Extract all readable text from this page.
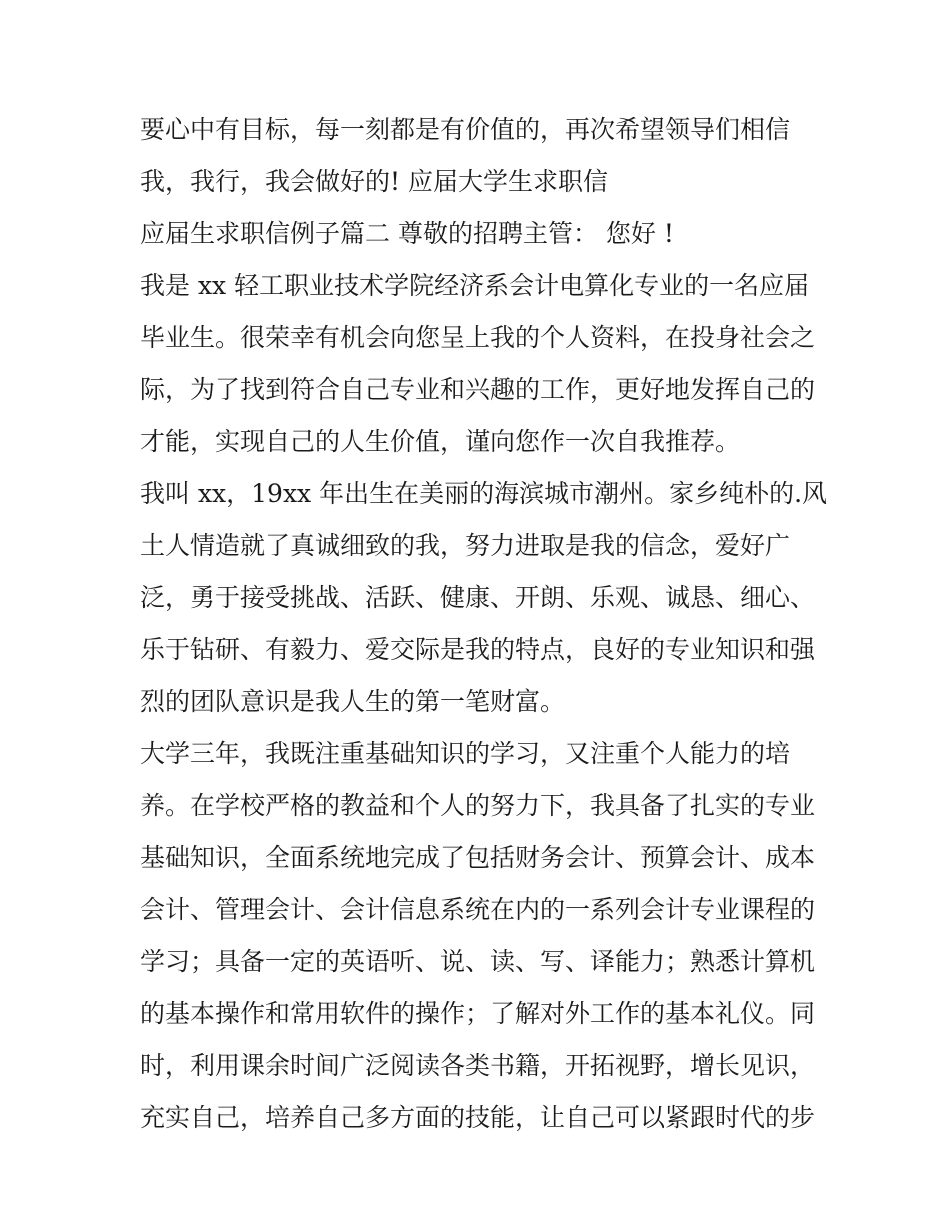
要心中有目标，每一刻都是有价值的，再次希望领导们相信
我，我行，我会做好的! 应届大学生求职信
应届生求职信例子篇二 尊敬的招聘主管： 您好 !
我是 xx 轻工职业技术学院经济系会计电算化专业的一名应届
毕业生。很荣幸有机会向您呈上我的个人资料，在投身社会之
际，为了找到符合自己专业和兴趣的工作，更好地发挥自己的
才能，实现自己的人生价值，谨向您作一次自我推荐。
我叫 xx，19xx 年出生在美丽的海滨城市潮州。家乡纯朴的.风
土人情造就了真诚细致的我，努力进取是我的信念，爱好广
泛，勇于接受挑战、活跃、健康、开朗、乐观、诚恳、细心、
乐于钻研、有毅力、爱交际是我的特点，良好的专业知识和强
烈的团队意识是我人生的第一笔财富。
大学三年，我既注重基础知识的学习，又注重个人能力的培
养。在学校严格的教益和个人的努力下，我具备了扎实的专业
基础知识，全面系统地完成了包括财务会计、预算会计、成本
会计、管理会计、会计信息系统在内的一系列会计专业课程的
学习；具备一定的英语听、说、读、写、译能力；熟悉计算机
的基本操作和常用软件的操作；了解对外工作的基本礼仪。同
时，利用课余时间广泛阅读各类书籍，开拓视野，增长见识，
充实自己，培养自己多方面的技能，让自己可以紧跟时代的步
